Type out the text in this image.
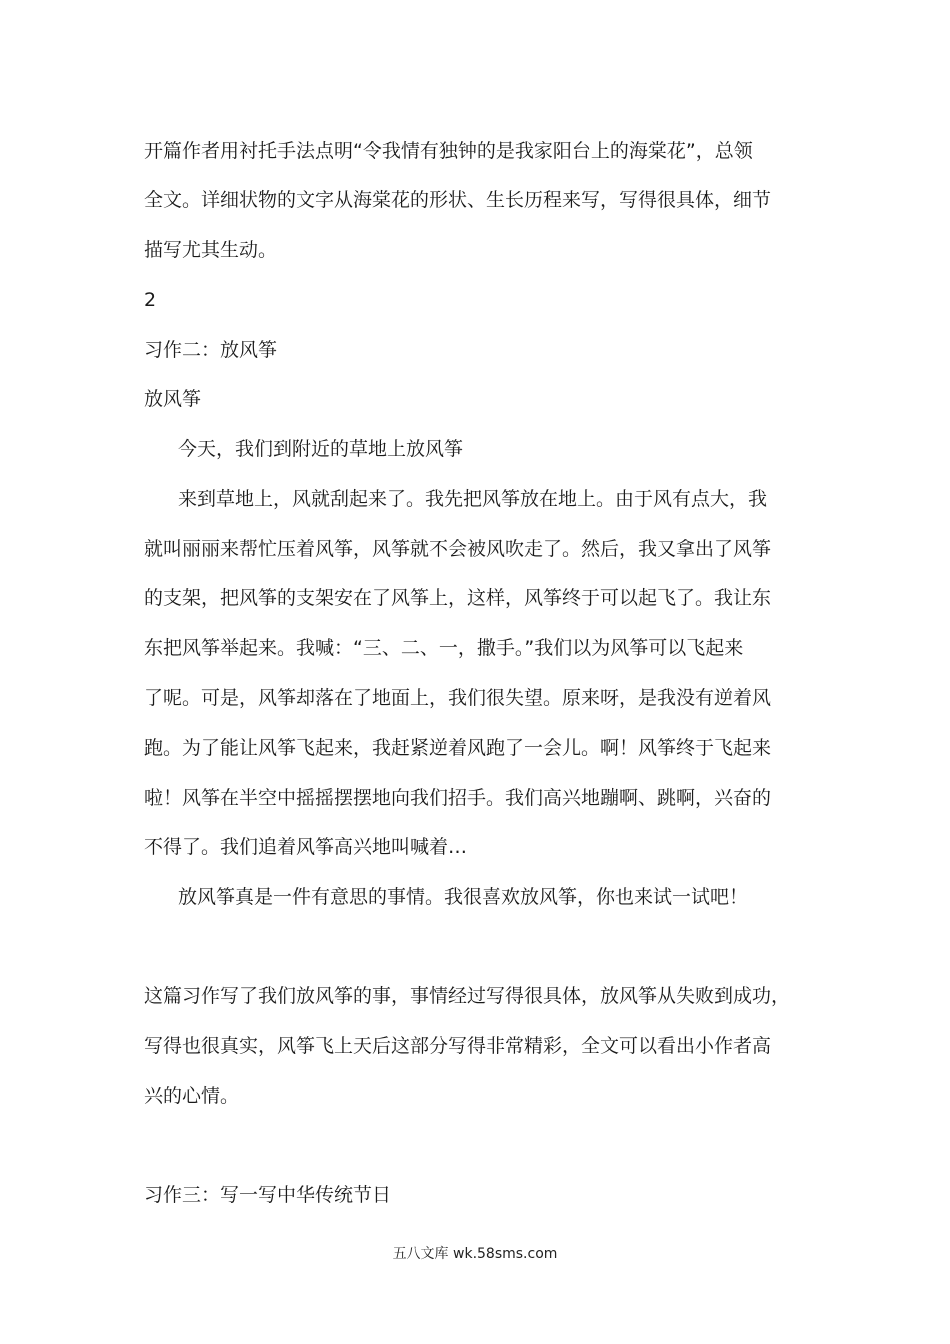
开篇作者用衬托手法点明“令我情有独钟的是我家阳台上的海棠花”，总领
全文。详细状物的文字从海棠花的形状、生长历程来写，写得很具体，细节
描写尤其生动。
2
习作二：放风筝
放风筝
今天，我们到附近的草地上放风筝
来到草地上，风就刮起来了。我先把风筝放在地上。由于风有点大，我
就叫丽丽来帮忙压着风筝，风筝就不会被风吹走了。然后，我又拿出了风筝
的支架，把风筝的支架安在了风筝上，这样，风筝终于可以起飞了。我让东
东把风筝举起来。我喊：“三、二、一，撒手。”我们以为风筝可以飞起来
了呢。可是，风筝却落在了地面上，我们很失望。原来呀，是我没有逆着风
跑。为了能让风筝飞起来，我赶紧逆着风跑了一会儿。啊！风筝终于飞起来
啦！风筝在半空中摇摇摆摆地向我们招手。我们高兴地蹦啊、跳啊，兴奋的
不得了。我们追着风筝高兴地叫喊着…
放风筝真是一件有意思的事情。我很喜欢放风筝，你也来试一试吧！
这篇习作写了我们放风筝的事，事情经过写得很具体，放风筝从失败到成功，
写得也很真实，风筝飞上天后这部分写得非常精彩，全文可以看出小作者高
兴的心情。
习作三：写一写中华传统节日
五八文库 wk.58sms.com
